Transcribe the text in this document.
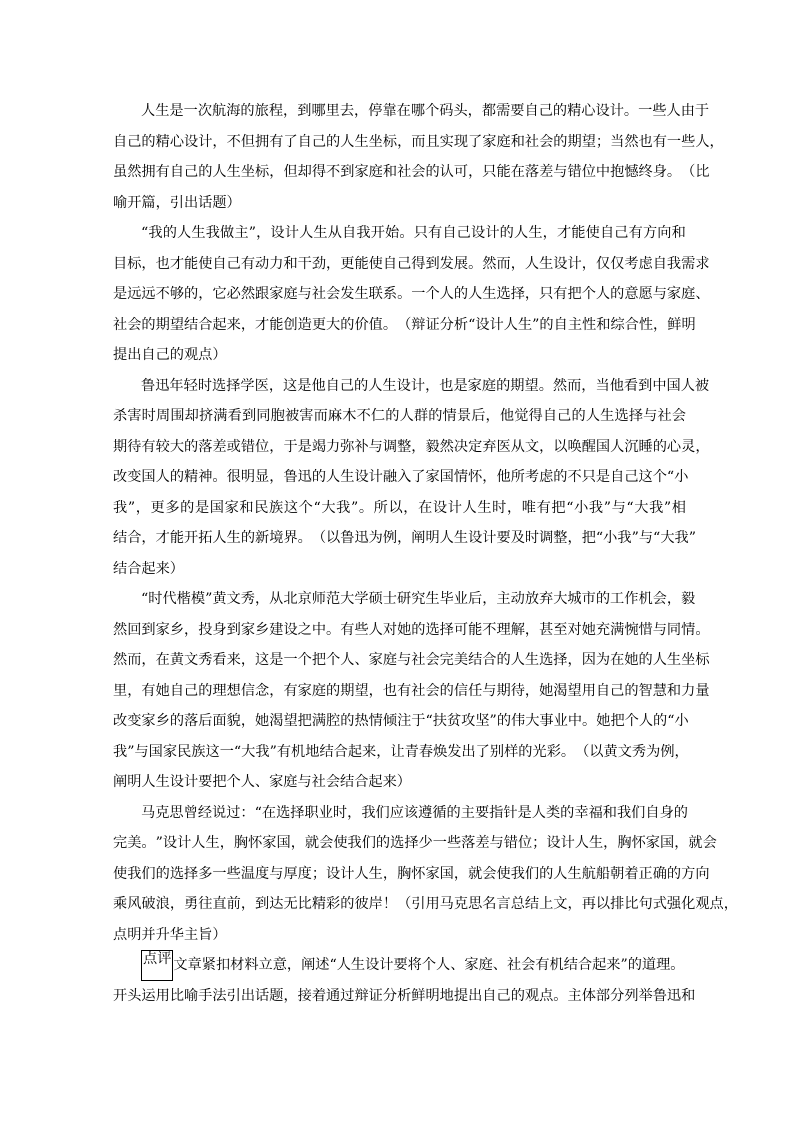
人 生 是 一 次 航 海 的 旅 程 ， 到 哪 里 去 ， 停 靠 在 哪 个 码 头 ， 都 需 要 自 己 的 精 心 设 计 。 一 些 人 由 于
自 己 的 精 心 设 计 ， 不 但 拥 有 了 自 己 的 人 生 坐 标 ， 而 且 实 现 了 家 庭 和 社 会 的 期 望 ； 当 然 也 有 一 些 人 ，
虽 然 拥 有 自 己 的 人 生 坐 标 ， 但 却 得 不 到 家 庭 和 社 会 的 认 可 ， 只 能 在 落 差 与 错 位 中 抱 憾 终 身 。 （ 比
喻开篇，引出话题）
“ 我 的 人 生 我 做 主 ” ， 设 计 人 生 从 自 我 开 始 。 只 有 自 己 设 计 的 人 生 ， 才 能 使 自 己 有 方 向 和
目 标 ， 也 才 能 使 自 己 有 动 力 和 干 劲 ， 更 能 使 自 己 得 到 发 展 。 然 而 ， 人 生 设 计 ， 仅 仅 考 虑 自 我 需 求
是 远 远 不 够 的 ， 它 必 然 跟 家 庭 与 社 会 发 生 联 系 。 一 个 人 的 人 生 选 择 ， 只 有 把 个 人 的 意 愿 与 家 庭 、
社 会 的 期 望 结 合 起 来 ， 才 能 创 造 更 大 的 价 值 。 （ 辩 证 分 析 “ 设 计 人 生 ” 的 自 主 性 和 综 合 性 ， 鲜 明
提出自己的观点）
鲁 迅 年 轻 时 选 择 学 医 ， 这 是 他 自 己 的 人 生 设 计 ， 也 是 家 庭 的 期 望 。 然 而 ， 当 他 看 到 中 国 人 被
杀 害 时 周 围 却 挤 满 看 到 同 胞 被 害 而 麻 木 不 仁 的 人 群 的 情 景 后 ， 他 觉 得 自 己 的 人 生 选 择 与 社 会
期 待 有 较 大 的 落 差 或 错 位 ， 于 是 竭 力 弥 补 与 调 整 ， 毅 然 决 定 弃 医 从 文 ， 以 唤 醒 国 人 沉 睡 的 心 灵 ，
改 变 国 人 的 精 神 。 很 明 显 ， 鲁 迅 的 人 生 设 计 融 入 了 家 国 情 怀 ， 他 所 考 虑 的 不 只 是 自 己 这 个 “ 小
我 ” ， 更 多 的 是 国 家 和 民 族 这 个 “ 大 我 ” 。 所 以 ， 在 设 计 人 生 时 ， 唯 有 把 “ 小 我 ” 与 “ 大 我 ” 相
结 合 ， 才 能 开 拓 人 生 的 新 境 界 。 （ 以 鲁 迅 为 例 ， 阐 明 人 生 设 计 要 及 时 调 整 ， 把 “ 小 我 ” 与 “ 大 我 ”
结合起来）
“ 时 代 楷 模 ” 黄 文 秀 ， 从 北 京 师 范 大 学 硕 士 研 究 生 毕 业 后 ， 主 动 放 弃 大 城 市 的 工 作 机 会 ， 毅
然 回 到 家 乡 ， 投 身 到 家 乡 建 设 之 中 。 有 些 人 对 她 的 选 择 可 能 不 理 解 ， 甚 至 对 她 充 满 惋 惜 与 同 情 。
然 而 ， 在 黄 文 秀 看 来 ， 这 是 一 个 把 个 人 、 家 庭 与 社 会 完 美 结 合 的 人 生 选 择 ， 因 为 在 她 的 人 生 坐 标
里 ， 有 她 自 己 的 理 想 信 念 ， 有 家 庭 的 期 望 ， 也 有 社 会 的 信 任 与 期 待 ， 她 渴 望 用 自 己 的 智 慧 和 力 量
改 变 家 乡 的 落 后 面 貌 ， 她 渴 望 把 满 腔 的 热 情 倾 注 于 “ 扶 贫 攻 坚 ” 的 伟 大 事 业 中 。 她 把 个 人 的 “ 小
我 ” 与 国 家 民 族 这 一 “ 大 我 ” 有 机 地 结 合 起 来 ， 让 青 春 焕 发 出 了 别 样 的 光 彩 。 （ 以 黄 文 秀 为 例 ，
阐明人生设计要把个人、家庭与社会结合起来）
马 克 思 曾 经 说 过 ： “ 在 选 择 职 业 时 ， 我 们 应 该 遵 循 的 主 要 指 针 是 人 类 的 幸 福 和 我 们 自 身 的
完 美 。 ” 设 计 人 生 ， 胸 怀 家 国 ， 就 会 使 我 们 的 选 择 少 一 些 落 差 与 错 位 ； 设 计 人 生 ， 胸 怀 家 国 ， 就 会
使 我 们 的 选 择 多 一 些 温 度 与 厚 度 ； 设 计 人 生 ， 胸 怀 家 国 ， 就 会 使 我 们 的 人 生 航 船 朝 着 正 确 的 方 向
乘 风 破 浪 ， 勇 往 直 前 ， 到 达 无 比 精 彩 的 彼 岸 ！ （ 引 用 马 克 思 名 言 总 结 上 文 ， 再 以 排 比 句 式 强 化 观 点 ，
点明并升华主旨）
点评 文章紧扣材料立意，阐述“人生设计要将个人、家庭、社会有机结合起来”的道理。
开 头 运 用 比 喻 手 法 引 出 话 题 ， 接 着 通 过 辩 证 分 析 鲜 明 地 提 出 自 己 的 观 点 。 主 体 部 分 列 举 鲁 迅 和
